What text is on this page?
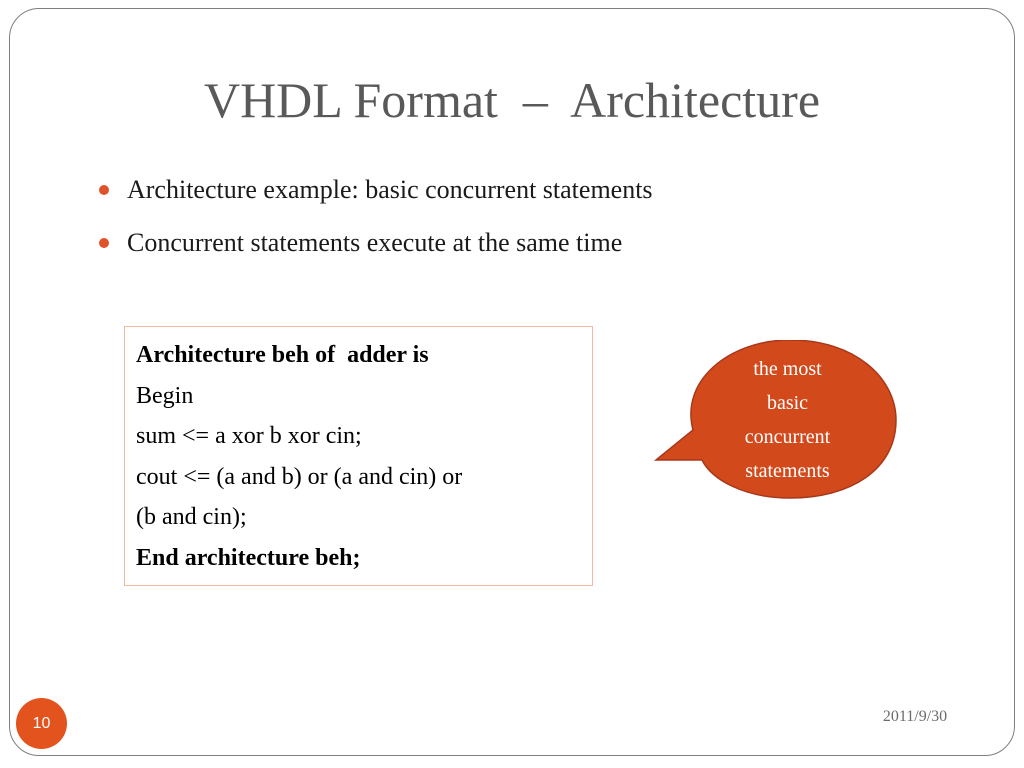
VHDL Format  –  Architecture
Architecture example: basic concurrent statements
Concurrent statements execute at the same time
Architecture beh of  adder is
Begin
sum <= a xor b xor cin;
cout <= (a and b) or (a and cin) or
(b and cin);
End architecture beh;
the most
basic
concurrent
statements
10	2011/9/30
